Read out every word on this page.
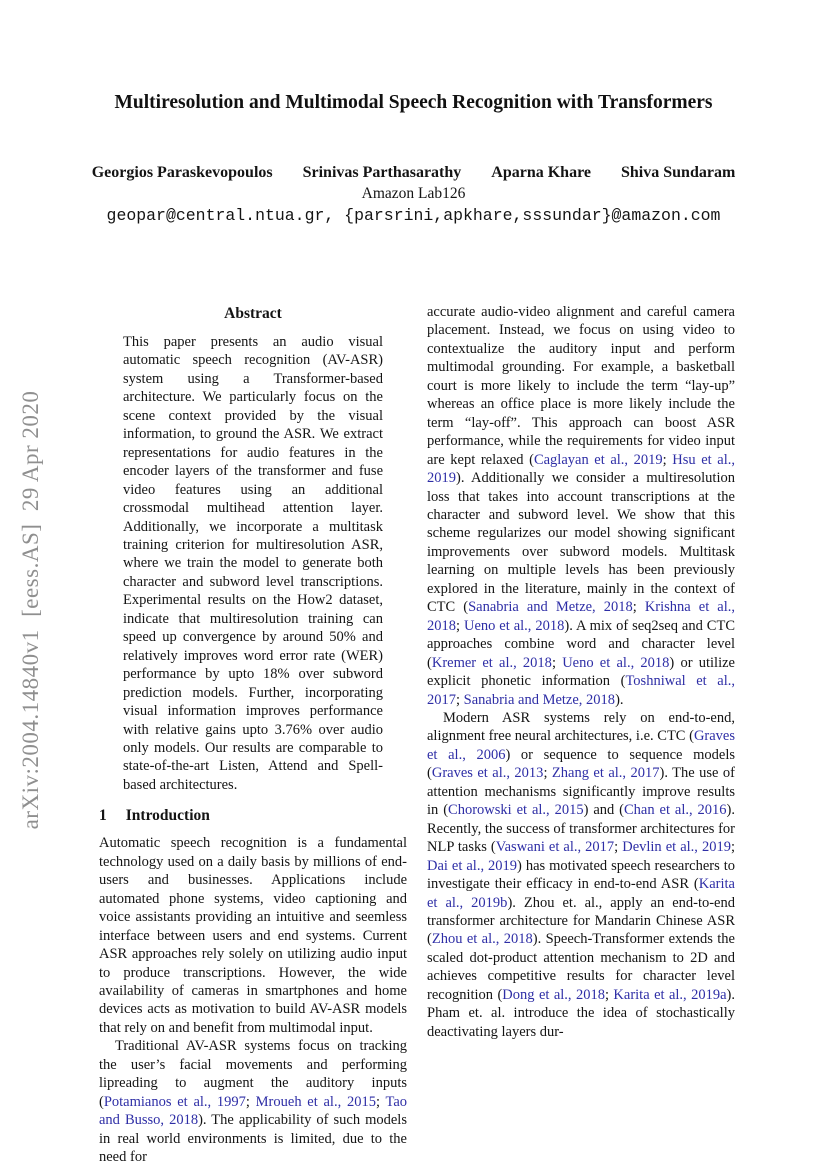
arXiv:2004.14840v1  [eess.AS]  29 Apr 2020
Multiresolution and Multimodal Speech Recognition with Transformers
Georgios Paraskevopoulos Srinivas Parthasarathy Aparna Khare Shiva Sundaram
Amazon Lab126
geopar@central.ntua.gr, {parsrini,apkhare,sssundar}@amazon.com
Abstract

This paper presents an audio visual automatic speech recognition (AV-ASR) system using a Transformer-based architecture. We particularly focus on the scene context provided by the visual information, to ground the ASR. We extract representations for audio features in the encoder layers of the transformer and fuse video features using an additional crossmodal multihead attention layer. Additionally, we incorporate a multitask training criterion for multiresolution ASR, where we train the model to generate both character and subword level transcriptions. Experimental results on the How2 dataset, indicate that multiresolution training can speed up convergence by around 50% and relatively improves word error rate (WER) performance by upto 18% over subword prediction models. Further, incorporating visual information improves performance with relative gains upto 3.76% over audio only models. Our results are comparable to state-of-the-art Listen, Attend and Spell-based architectures.

1 Introduction

Automatic speech recognition is a fundamental technology used on a daily basis by millions of end-users and businesses. Applications include automated phone systems, video captioning and voice assistants providing an intuitive and seemless interface between users and end systems. Current ASR approaches rely solely on utilizing audio input to produce transcriptions. However, the wide availability of cameras in smartphones and home devices acts as motivation to build AV-ASR models that rely on and benefit from multimodal input.

Traditional AV-ASR systems focus on tracking the user’s facial movements and performing lipreading to augment the auditory inputs (Potamianos et al., 1997; Mroueh et al., 2015; Tao and Busso, 2018). The applicability of such models in real world environments is limited, due to the need for

accurate audio-video alignment and careful camera placement. Instead, we focus on using video to contextualize the auditory input and perform multimodal grounding. For example, a basketball court is more likely to include the term “lay-up” whereas an office place is more likely include the term “lay-off”. This approach can boost ASR performance, while the requirements for video input are kept relaxed (Caglayan et al., 2019; Hsu et al., 2019). Additionally we consider a multiresolution loss that takes into account transcriptions at the character and subword level. We show that this scheme regularizes our model showing significant improvements over subword models. Multitask learning on multiple levels has been previously explored in the literature, mainly in the context of CTC (Sanabria and Metze, 2018; Krishna et al., 2018; Ueno et al., 2018). A mix of seq2seq and CTC approaches combine word and character level (Kremer et al., 2018; Ueno et al., 2018) or utilize explicit phonetic information (Toshniwal et al., 2017; Sanabria and Metze, 2018).

Modern ASR systems rely on end-to-end, alignment free neural architectures, i.e. CTC (Graves et al., 2006) or sequence to sequence models (Graves et al., 2013; Zhang et al., 2017). The use of attention mechanisms significantly improve results in (Chorowski et al., 2015) and (Chan et al., 2016). Recently, the success of transformer architectures for NLP tasks (Vaswani et al., 2017; Devlin et al., 2019; Dai et al., 2019) has motivated speech researchers to investigate their efficacy in end-to-end ASR (Karita et al., 2019b). Zhou et. al., apply an end-to-end transformer architecture for Mandarin Chinese ASR (Zhou et al., 2018). Speech-Transformer extends the scaled dot-product attention mechanism to 2D and achieves competitive results for character level recognition (Dong et al., 2018; Karita et al., 2019a). Pham et. al. introduce the idea of stochastically deactivating layers dur-
